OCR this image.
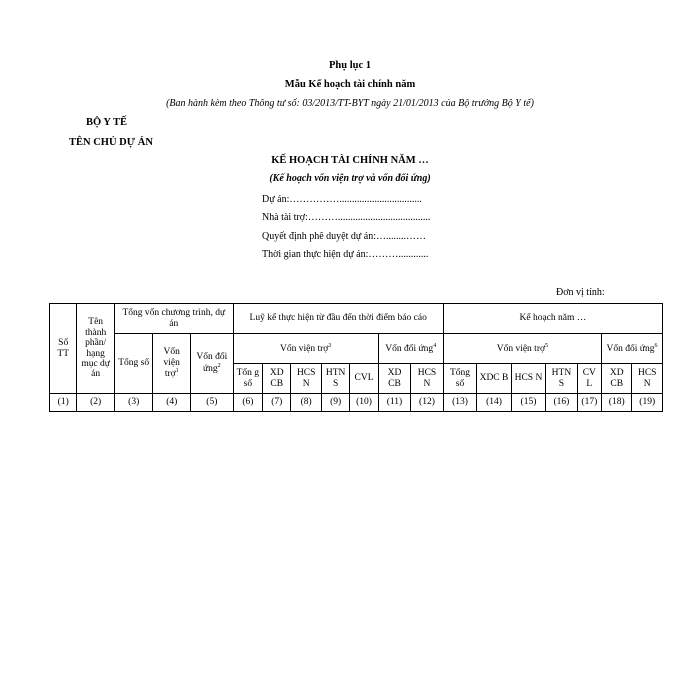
Phụ lục 1
Mẫu Kế hoạch tài chính năm
(Ban hành kèm theo Thông tư số: 03/2013/TT-BYT ngày 21/01/2013 của Bộ trưởng Bộ Y tế)
BỘ Y TẾ
TÊN CHỦ DỰ ÁN
KẾ HOẠCH TÀI CHÍNH NĂM …
(Kế hoạch vốn viện trợ và vốn đối ứng)
Dự án:…………….................................
Nhà tài trợ:……….....................................
Quyết định phê duyệt dự án:…........……
Thời gian thực hiện dự án:………............
Đơn vị tính:
Số TT	Tên thành phần/ hạng mục dự án	Tổng vốn chương trình, dự án			Luỹ kế thực hiện từ đầu đến thời điểm báo cáo							Kế hoạch năm …						
		Tổng số	Vốn viện trợ$^1$	Vốn đối ứng$^2$	Vốn viện trợ$^3$					Vốn đối ứng$^4$		Vốn viện trợ$^5$					Vốn đối ứng$^6$
					Tổn g số	XD CB	HCS N	HTN S	CVL	XD CB	HCS N	Tổng số	XDC B	HCS N	HTN S	CV L	XD CB	HCS N
(1)	(2)	(3)	(4)	(5)	(6)	(7)	(8)	(9)	(10)	(11)	(12)	(13)	(14)	(15)	(16)	(17)	(18)	(19)
